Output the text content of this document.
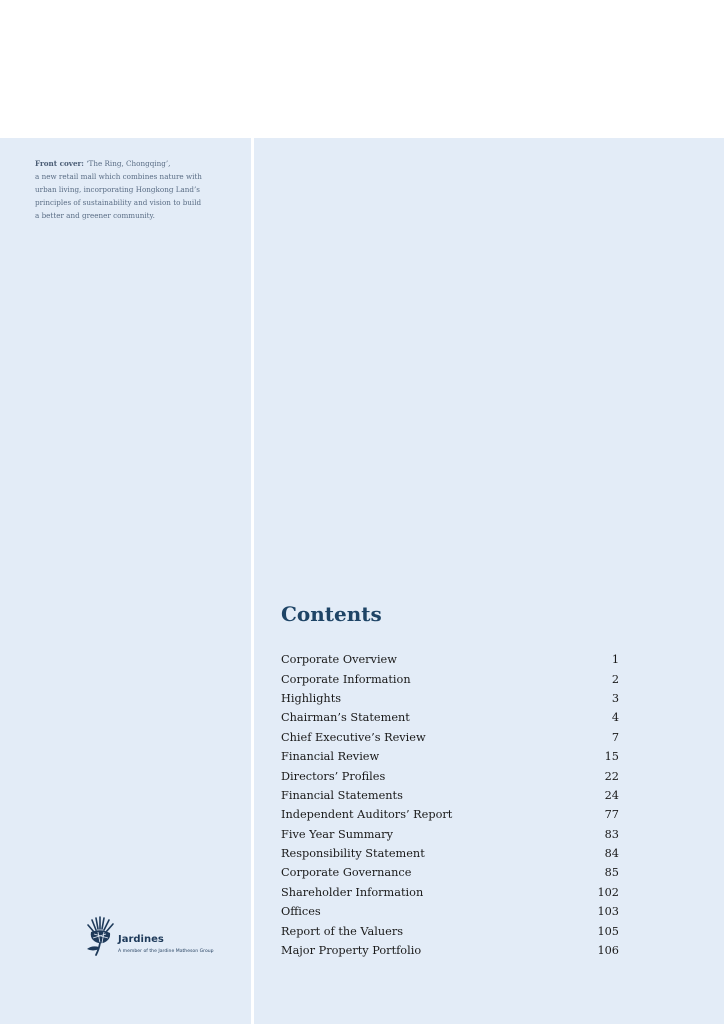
Front cover: ‘The Ring, Chongqing’,
a new retail mall which combines nature with
urban living, incorporating Hongkong Land’s
principles of sustainability and vision to build
a better and greener community.
Contents
Corporate Overview	1
Corporate Information	2
Highlights	3
Chairman’s Statement	4
Chief Executive’s Review	7
Financial Review	15
Directors’ Profiles	22
Financial Statements	24
Independent Auditors’ Report	77
Five Year Summary	83
Responsibility Statement	84
Corporate Governance	85
Shareholder Information	102
Offices	103
Report of the Valuers	105
Major Property Portfolio	106
Jardines
A member of the Jardine Matheson Group
